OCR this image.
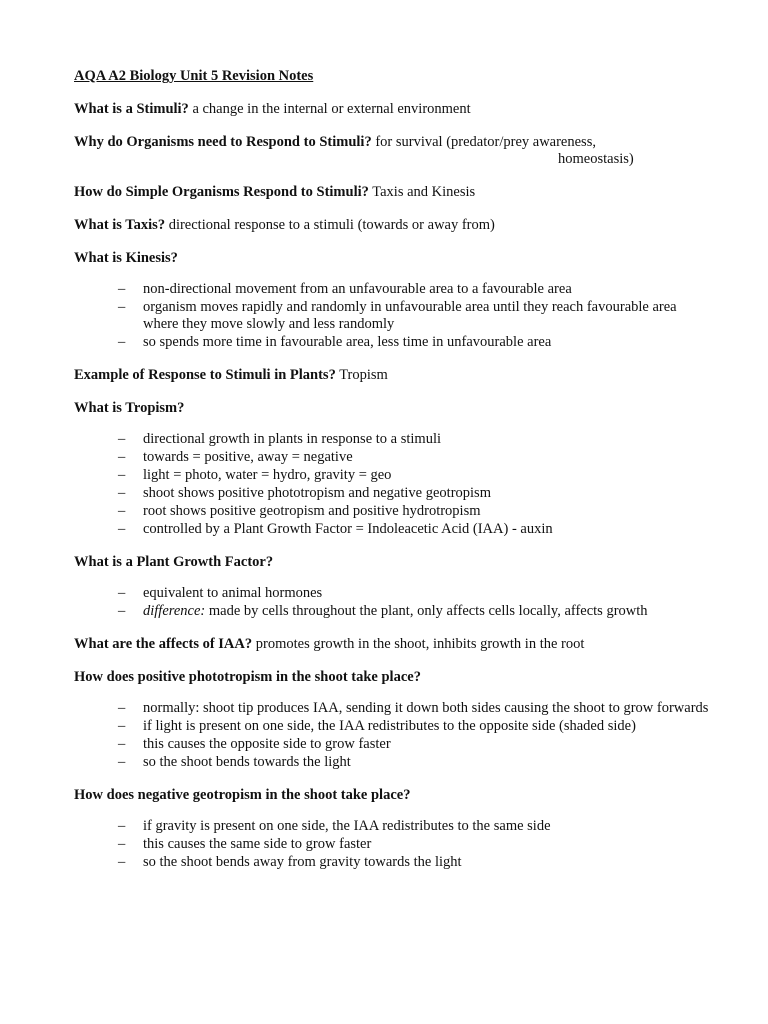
AQA A2 Biology Unit 5 Revision Notes
What is a Stimuli? a change in the internal or external environment
Why do Organisms need to Respond to Stimuli? for survival (predator/prey awareness,
homeostasis)
How do Simple Organisms Respond to Stimuli? Taxis and Kinesis
What is Taxis? directional response to a stimuli (towards or away from)
What is Kinesis?
– non-directional movement from an unfavourable area to a favourable area
– organism moves rapidly and randomly in unfavourable area until they reach favourable area where they move slowly and less randomly
– so spends more time in favourable area, less time in unfavourable area
Example of Response to Stimuli in Plants? Tropism
What is Tropism?
– directional growth in plants in response to a stimuli
– towards = positive, away = negative
– light = photo, water = hydro, gravity = geo
– shoot shows positive phototropism and negative geotropism
– root shows positive geotropism and positive hydrotropism
– controlled by a Plant Growth Factor = Indoleacetic Acid (IAA) - auxin
What is a Plant Growth Factor?
– equivalent to animal hormones
– difference: made by cells throughout the plant, only affects cells locally, affects growth
What are the affects of IAA? promotes growth in the shoot, inhibits growth in the root
How does positive phototropism in the shoot take place?
– normally: shoot tip produces IAA, sending it down both sides causing the shoot to grow forwards
– if light is present on one side, the IAA redistributes to the opposite side (shaded side)
– this causes the opposite side to grow faster
– so the shoot bends towards the light
How does negative geotropism in the shoot take place?
– if gravity is present on one side, the IAA redistributes to the same side
– this causes the same side to grow faster
– so the shoot bends away from gravity towards the light
